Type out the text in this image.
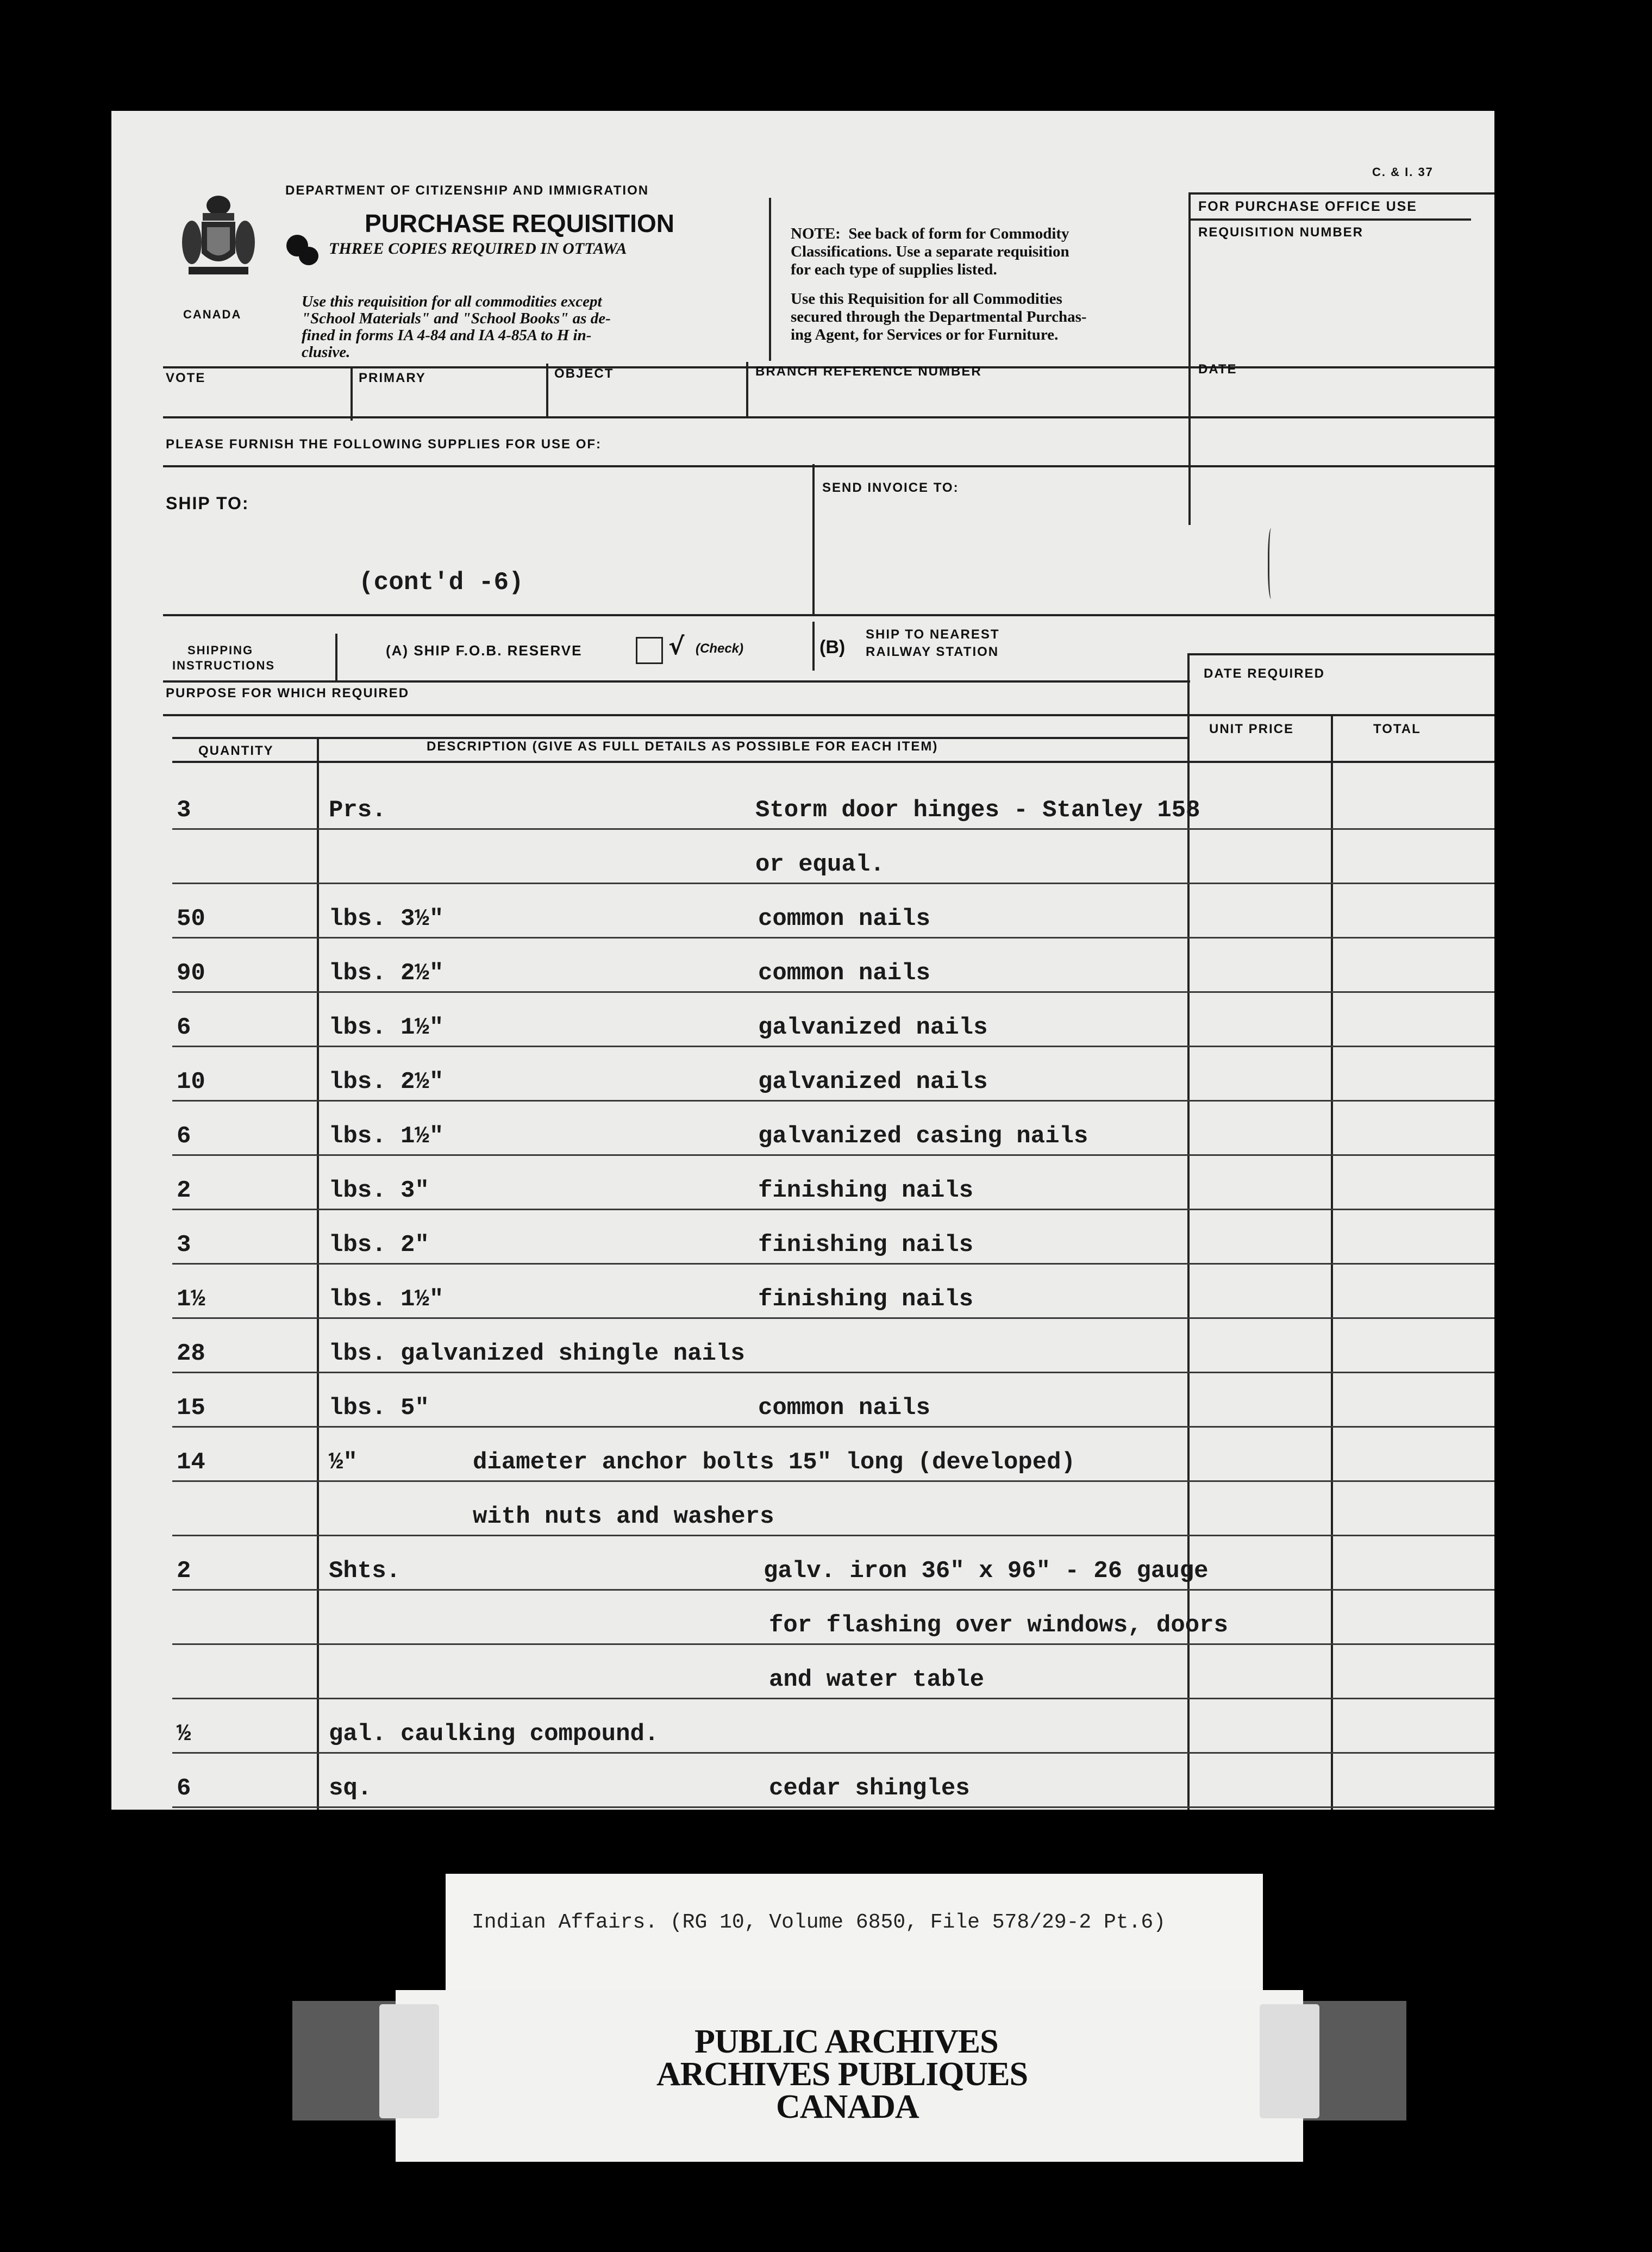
CANADA
C. & I. 37
DEPARTMENT OF CITIZENSHIP AND IMMIGRATION
PURCHASE REQUISITION
THREE COPIES REQUIRED IN OTTAWA
Use this requisition for all commodities except
"School Materials" and "School Books" as de-
fined in forms IA 4-84 and IA 4-85A to H in-
clusive.
NOTE: See back of form for Commodity
Classifications. Use a separate requisition
for each type of supplies listed.
Use this Requisition for all Commodities
secured through the Departmental Purchas-
ing Agent, for Services or for Furniture.
FOR PURCHASE OFFICE USE
REQUISITION NUMBER
VOTE	PRIMARY	OBJECT	BRANCH REFERENCE NUMBER	DATE
PLEASE FURNISH THE FOLLOWING SUPPLIES FOR USE OF:
SHIP TO:
(cont'd -6)
SEND INVOICE TO:
SHIPPING
INSTRUCTIONS
(A) SHIP F.O.B. RESERVE	√ (Check)	(B)
SHIP TO NEAREST
RAILWAY STATION
DATE REQUIRED
PURPOSE FOR WHICH REQUIRED
QUANTITY	DESCRIPTION (GIVE AS FULL DETAILS AS POSSIBLE FOR EACH ITEM)
UNIT PRICE	TOTAL
3	Prs.	Storm door hinges - Stanley 158
or equal.
50	lbs. 3½"	common nails
90	lbs. 2½"	common nails
6	lbs. 1½"	galvanized nails
10	lbs. 2½"	galvanized nails
6	lbs. 1½"	galvanized casing nails
2	lbs. 3"	finishing nails
3	lbs. 2"	finishing nails
1½	lbs. 1½"	finishing nails
28	lbs. galvanized shingle nails
15	lbs. 5"	common nails
14	½"	diameter anchor bolts 15" long (developed)
with nuts and washers
2	Shts.	galv. iron 36" x 96" - 26 gauge
for flashing over windows, doors
and water table
½	gal. caulking compound.
6	sq.	cedar shingles
Indian Affairs. (RG 10, Volume 6850, File 578/29-2 Pt.6)
PUBLIC ARCHIVES
ARCHIVES PUBLIQUES
CANADA
